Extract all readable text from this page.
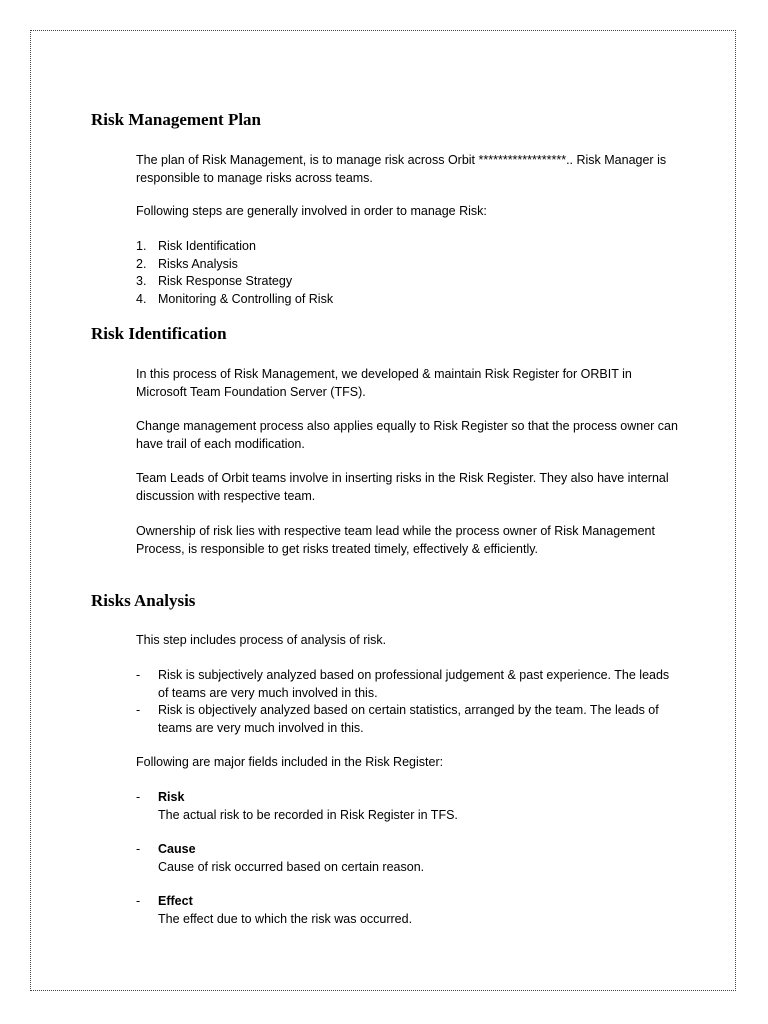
Risk Management Plan

The plan of Risk Management, is to manage risk across Orbit ******************.. Risk Manager is responsible to manage risks across teams.

Following steps are generally involved in order to manage Risk:

1. Risk Identification
2. Risks Analysis
3. Risk Response Strategy
4. Monitoring & Controlling of Risk
Risk Identification

In this process of Risk Management, we developed & maintain Risk Register for ORBIT in Microsoft Team Foundation Server (TFS).

Change management process also applies equally to Risk Register so that the process owner can have trail of each modification.

Team Leads of Orbit teams involve in inserting risks in the Risk Register. They also have internal discussion with respective team.

Ownership of risk lies with respective team lead while the process owner of Risk Management Process, is responsible to get risks treated timely, effectively & efficiently.

Risks Analysis

This step includes process of analysis of risk.

-	Risk is subjectively analyzed based on professional judgement & past experience. The leads of teams are very much involved in this.
-	Risk is objectively analyzed based on certain statistics, arranged by the team. The leads of teams are very much involved in this.

Following are major fields included in the Risk Register:

-	Risk
The actual risk to be recorded in Risk Register in TFS.
-	Cause
Cause of risk occurred based on certain reason.
-	Effect
The effect due to which the risk was occurred.
